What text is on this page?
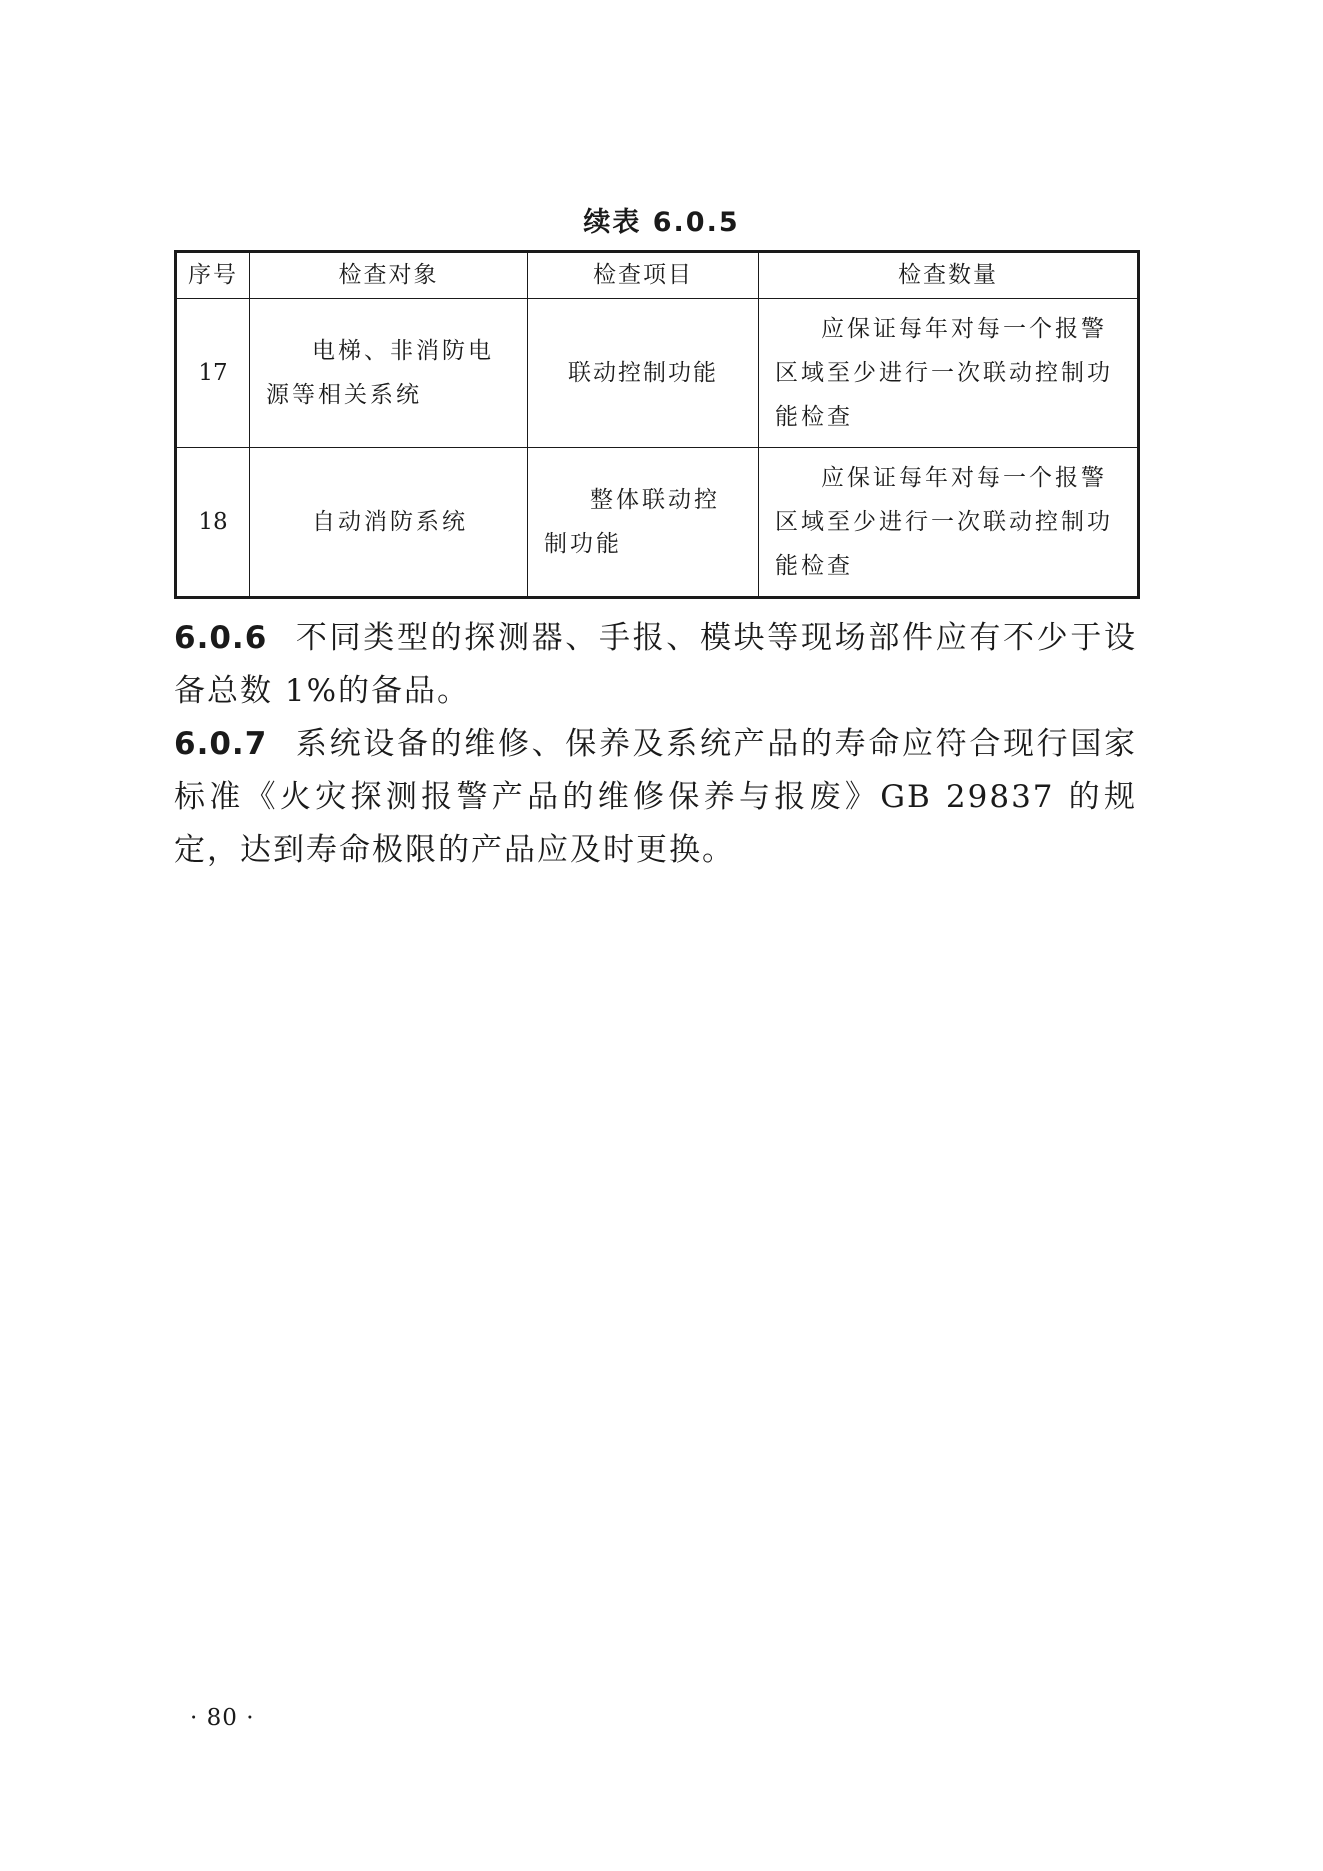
续表 6.0.5
序号	检查对象	检查项目	检查数量
17	电梯、非消防电源等相关系统	联动控制功能	应保证每年对每一个报警区域至少进行一次联动控制功能检查
18	自动消防系统	整体联动控制功能	应保证每年对每一个报警区域至少进行一次联动控制功能检查

6.0.6 不同类型的探测器、手报、模块等现场部件应有不少于设备总数 1%的备品。

6.0.7 系统设备的维修、保养及系统产品的寿命应符合现行国家标准《火灾探测报警产品的维修保养与报废》GB 29837 的规定，达到寿命极限的产品应及时更换。

· 80 ·
